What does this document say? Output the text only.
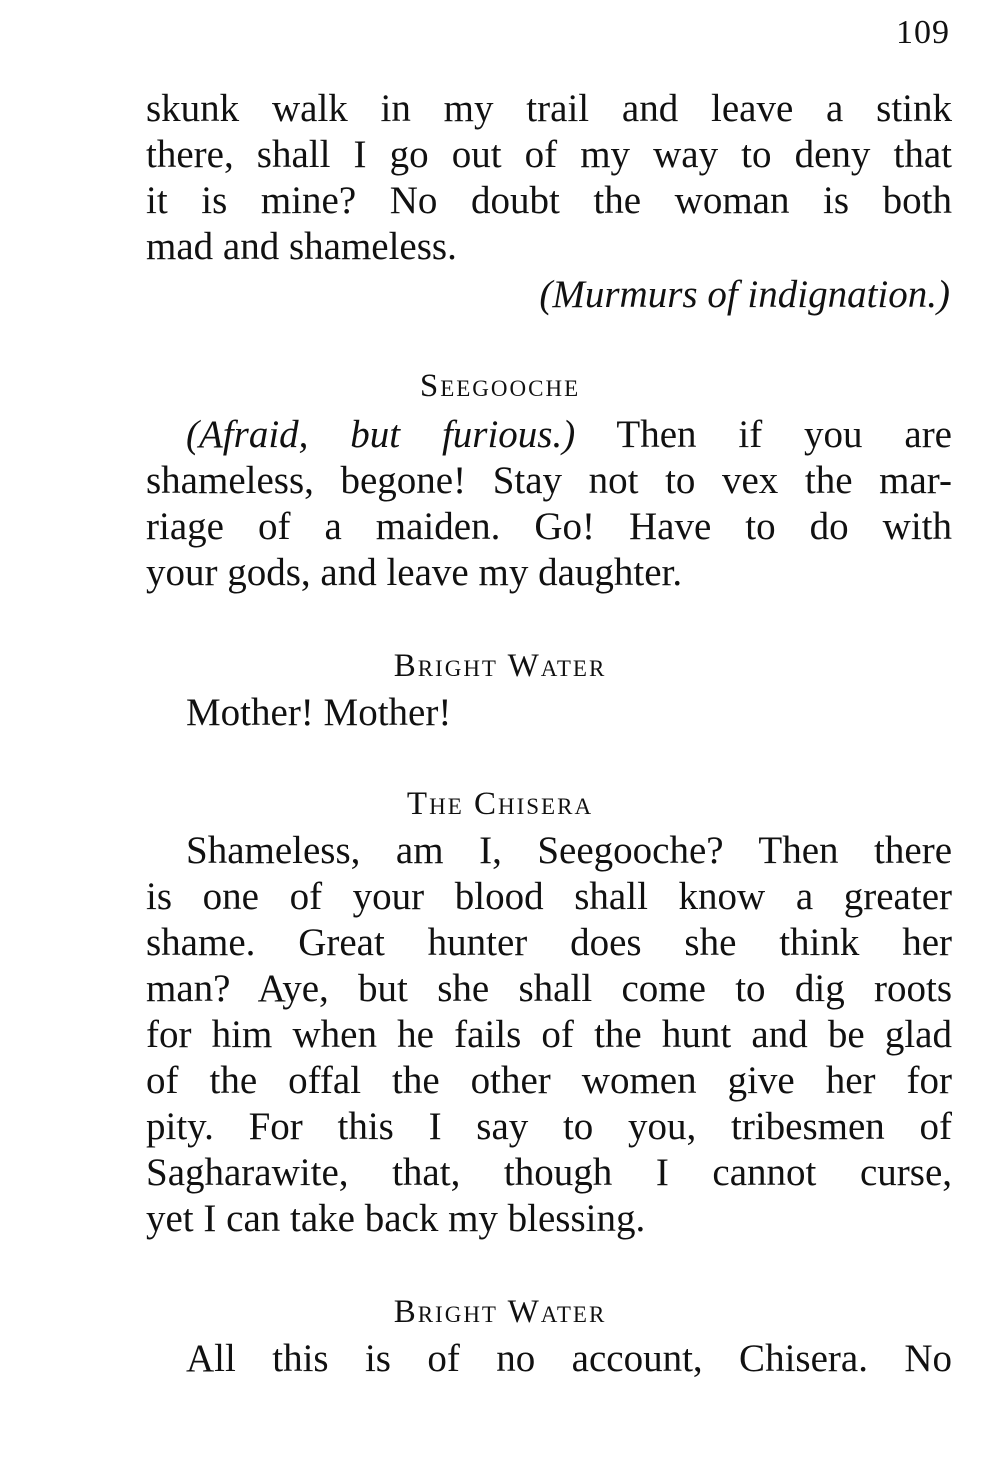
109
skunk walk in my trail and leave a stink
there, shall I go out of my way to deny that
it is mine? No doubt the woman is both
mad and shameless.
(Murmurs of indignation.)
Seegooche
(Afraid, but furious.) Then if you are
shameless, begone! Stay not to vex the mar-
riage of a maiden. Go! Have to do with
your gods, and leave my daughter.
Bright Water
Mother! Mother!
The Chisera
Shameless, am I, Seegooche? Then there
is one of your blood shall know a greater
shame. Great hunter does she think her
man? Aye, but she shall come to dig roots
for him when he fails of the hunt and be glad
of the offal the other women give her for
pity. For this I say to you, tribesmen of
Sagharawite, that, though I cannot curse,
yet I can take back my blessing.
Bright Water
All this is of no account, Chisera. No
